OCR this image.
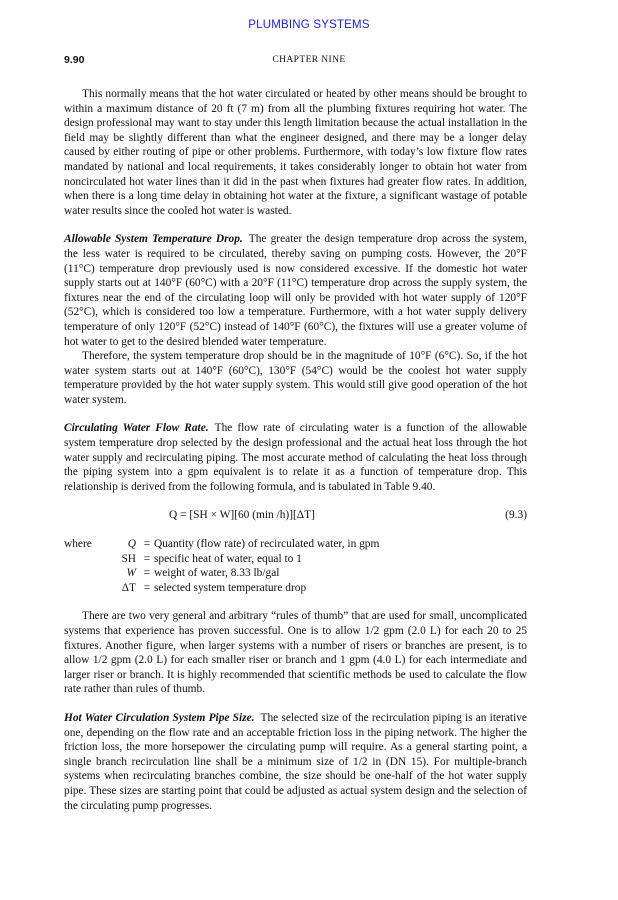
PLUMBING SYSTEMS
9.90	CHAPTER NINE

This normally means that the hot water circulated or heated by other means should be brought to within a maximum distance of 20 ft (7 m) from all the plumbing fixtures requiring hot water. The design professional may want to stay under this length limitation because the actual installation in the field may be slightly different than what the engineer designed, and there may be a longer delay caused by either routing of pipe or other problems. Furthermore, with today’s low fixture flow rates mandated by national and local requirements, it takes considerably longer to obtain hot water from noncirculated hot water lines than it did in the past when fixtures had greater flow rates. In addition, when there is a long time delay in obtaining hot water at the fixture, a significant wastage of potable water results since the cooled hot water is wasted.

Allowable System Temperature Drop. The greater the design temperature drop across the system, the less water is required to be circulated, thereby saving on pumping costs. However, the 20°F (11°C) temperature drop previously used is now considered excessive. If the domestic hot water supply starts out at 140°F (60°C) with a 20°F (11°C) temperature drop across the supply system, the fixtures near the end of the circulating loop will only be provided with hot water supply of 120°F (52°C), which is considered too low a temperature. Furthermore, with a hot water supply delivery temperature of only 120°F (52°C) instead of 140°F (60°C), the fixtures will use a greater volume of hot water to get to the desired blended water temperature.

Therefore, the system temperature drop should be in the magnitude of 10°F (6°C). So, if the hot water system starts out at 140°F (60°C), 130°F (54°C) would be the coolest hot water supply temperature provided by the hot water supply system. This would still give good operation of the hot water system.

Circulating Water Flow Rate. The flow rate of circulating water is a function of the allowable system temperature drop selected by the design professional and the actual heat loss through the hot water supply and recirculating piping. The most accurate method of calculating the heat loss through the piping system into a gpm equivalent is to relate it as a function of temperature drop. This relationship is derived from the following formula, and is tabulated in Table 9.40.

Q = [SH × W][60 (min /h)][ΔT]	(9.3)
where	Q	=	Quantity (flow rate) of recirculated water, in gpm
	SH	=	specific heat of water, equal to 1
	W	=	weight of water, 8.33 lb/gal
	ΔT	=	selected system temperature drop

There are two very general and arbitrary “rules of thumb” that are used for small, uncomplicated systems that experience has proven successful. One is to allow 1/2 gpm (2.0 L) for each 20 to 25 fixtures. Another figure, when larger systems with a number of risers or branches are present, is to allow 1/2 gpm (2.0 L) for each smaller riser or branch and 1 gpm (4.0 L) for each intermediate and larger riser or branch. It is highly recommended that scientific methods be used to calculate the flow rate rather than rules of thumb.

Hot Water Circulation System Pipe Size. The selected size of the recirculation piping is an iterative one, depending on the flow rate and an acceptable friction loss in the piping network. The higher the friction loss, the more horsepower the circulating pump will require. As a general starting point, a single branch recirculation line shall be a minimum size of 1/2 in (DN 15). For multiple-branch systems when recirculating branches combine, the size should be one-half of the hot water supply pipe. These sizes are starting point that could be adjusted as actual system design and the selection of the circulating pump progresses.
